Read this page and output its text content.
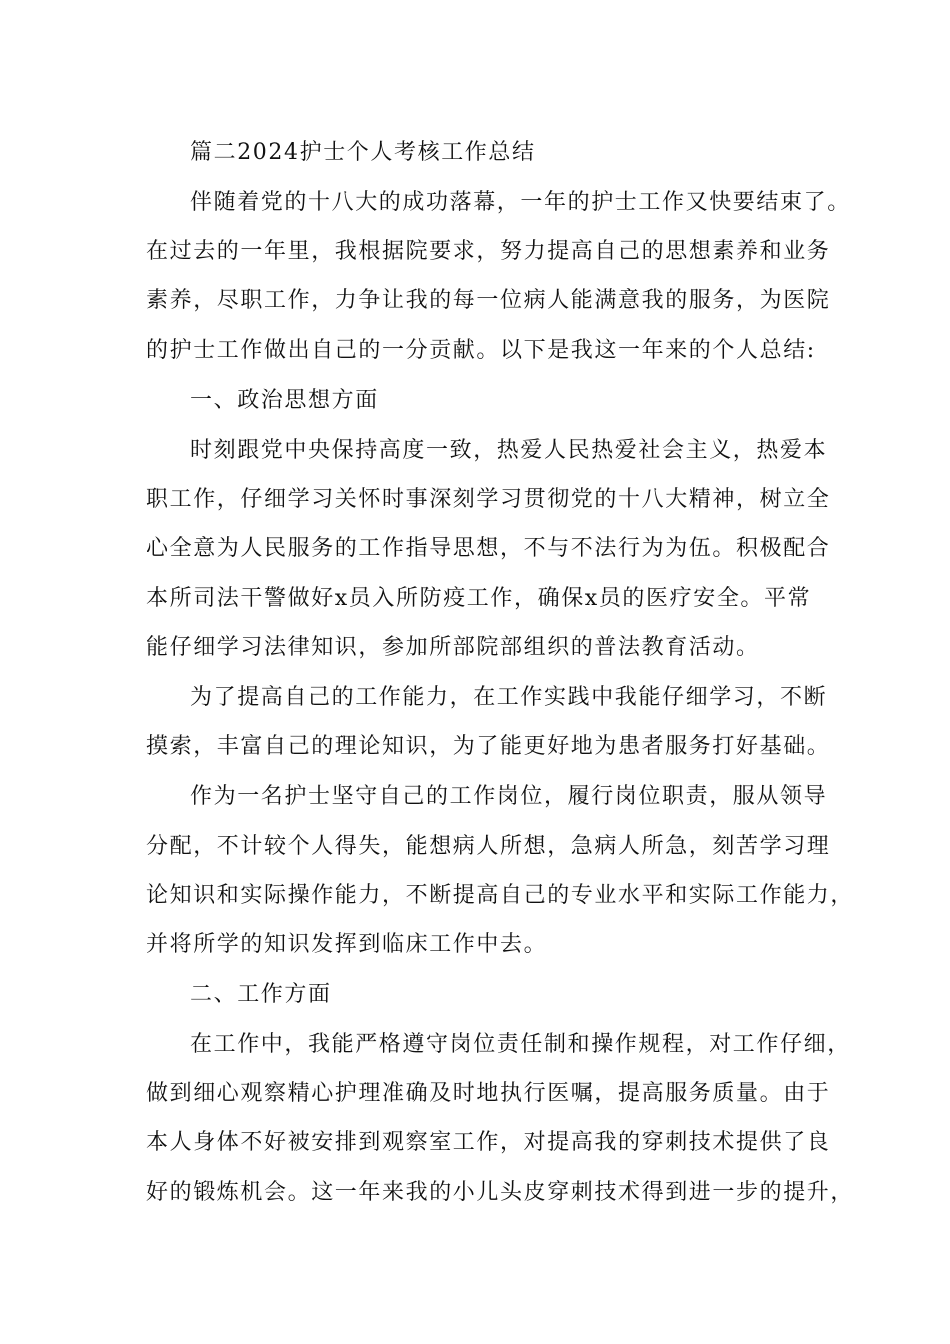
篇二2024护士个人考核工作总结
伴随着党的十八大的成功落幕，一年的护士工作又快要结束了。
在过去的一年里，我根据院要求，努力提高自己的思想素养和业务
素养，尽职工作，力争让我的每一位病人能满意我的服务，为医院
的护士工作做出自己的一分贡献。以下是我这一年来的个人总结:
一、政治思想方面
时刻跟党中央保持高度一致，热爱人民热爱社会主义，热爱本
职工作，仔细学习关怀时事深刻学习贯彻党的十八大精神，树立全
心全意为人民服务的工作指导思想，不与不法行为为伍。积极配合
本所司法干警做好x员入所防疫工作，确保x员的医疗安全。平常
能仔细学习法律知识，参加所部院部组织的普法教育活动。
为了提高自己的工作能力，在工作实践中我能仔细学习，不断
摸索，丰富自己的理论知识，为了能更好地为患者服务打好基础。
作为一名护士坚守自己的工作岗位，履行岗位职责，服从领导
分配，不计较个人得失，能想病人所想，急病人所急，刻苦学习理
论知识和实际操作能力，不断提高自己的专业水平和实际工作能力，
并将所学的知识发挥到临床工作中去。
二、工作方面
在工作中，我能严格遵守岗位责任制和操作规程，对工作仔细，
做到细心观察精心护理准确及时地执行医嘱，提高服务质量。由于
本人身体不好被安排到观察室工作，对提高我的穿刺技术提供了良
好的锻炼机会。这一年来我的小儿头皮穿刺技术得到进一步的提升，
